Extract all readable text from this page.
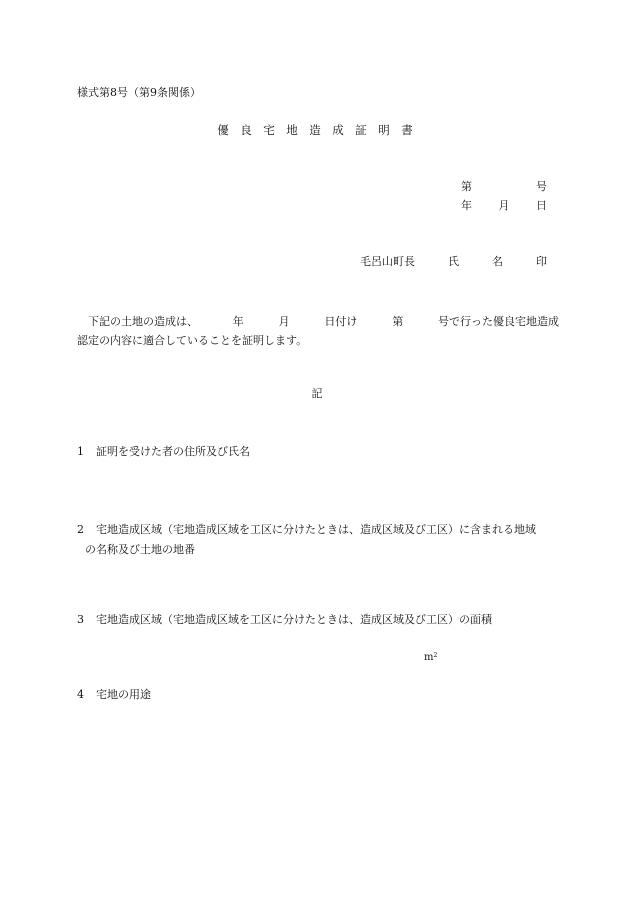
様式第8号（第9条関係）
優　良　宅　地　造　成　証　明　書
第	号
年 月 日
毛呂山町長	氏	名	印
下記の土地の造成は、	年	月	日付け	第	号で行った優良宅地造成
認定の内容に適合していることを証明します。
記
1 証明を受けた者の住所及び氏名
2 宅地造成区域（宅地造成区域を工区に分けたときは、造成区域及び工区）に含まれる地域
の名称及び土地の地番
3 宅地造成区域（宅地造成区域を工区に分けたときは、造成区域及び工区）の面積
$m^2$
4 宅地の用途
